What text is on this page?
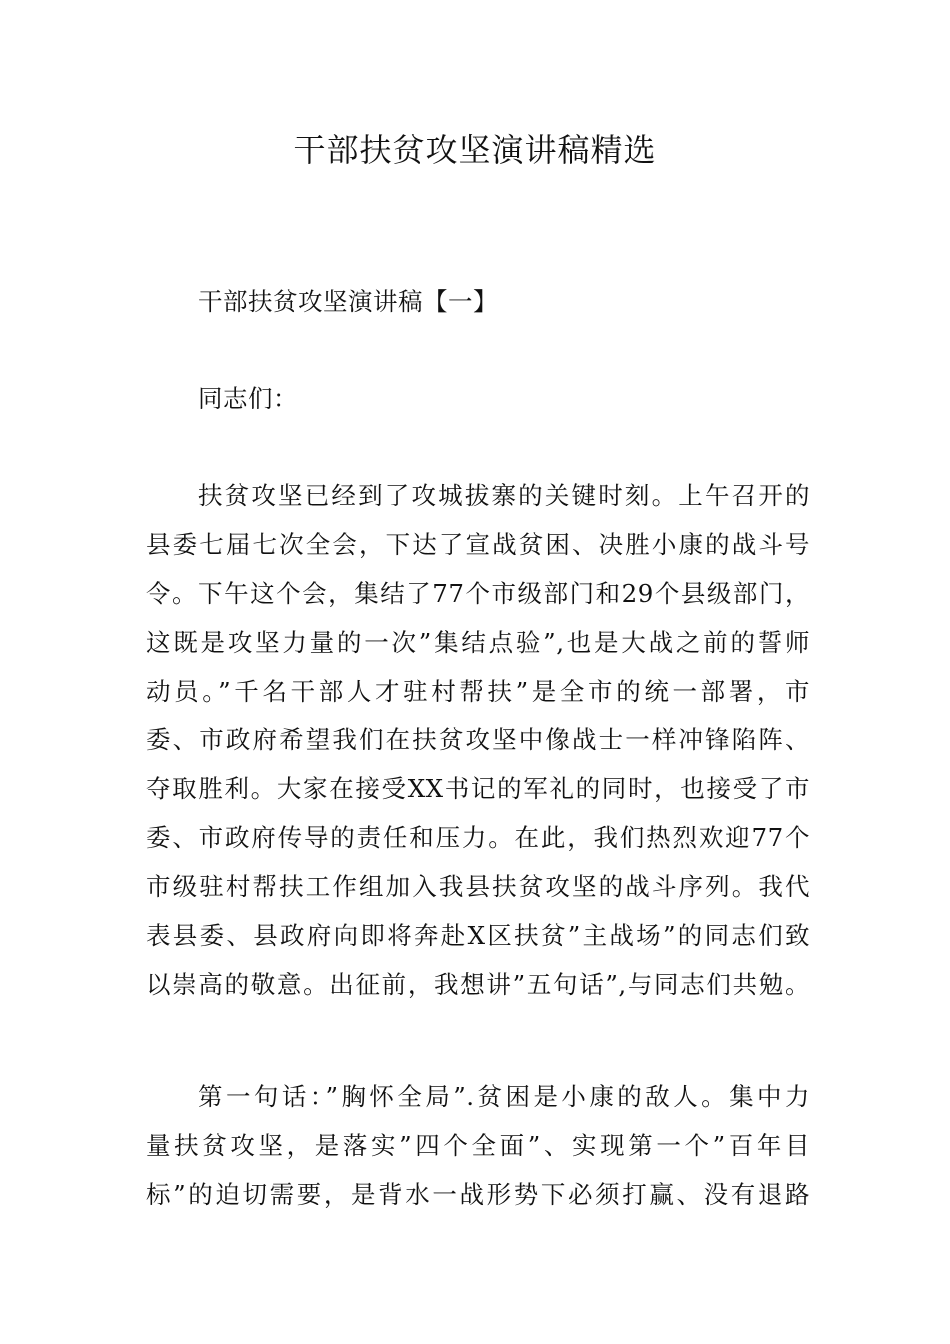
干部扶贫攻坚演讲稿精选
干部扶贫攻坚演讲稿【一】
同志们：
扶贫攻坚已经到了攻城拔寨的关键时刻。上午召开的
县委七届七次全会，下达了宣战贫困、决胜小康的战斗号
令。下午这个会，集结了77个市级部门和29个县级部门，
这既是攻坚力量的一次”集结点验”,也是大战之前的誓师
动员。”千名干部人才驻村帮扶”是全市的统一部署，市
委、市政府希望我们在扶贫攻坚中像战士一样冲锋陷阵、
夺取胜利。大家在接受XX书记的军礼的同时，也接受了市
委、市政府传导的责任和压力。在此，我们热烈欢迎77个
市级驻村帮扶工作组加入我县扶贫攻坚的战斗序列。我代
表县委、县政府向即将奔赴X区扶贫”主战场”的同志们致
以崇高的敬意。出征前，我想讲”五句话”,与同志们共勉。
第一句话：”胸怀全局”.贫困是小康的敌人。集中力
量扶贫攻坚，是落实”四个全面”、实现第一个”百年目
标”的迫切需要，是背水一战形势下必须打赢、没有退路
